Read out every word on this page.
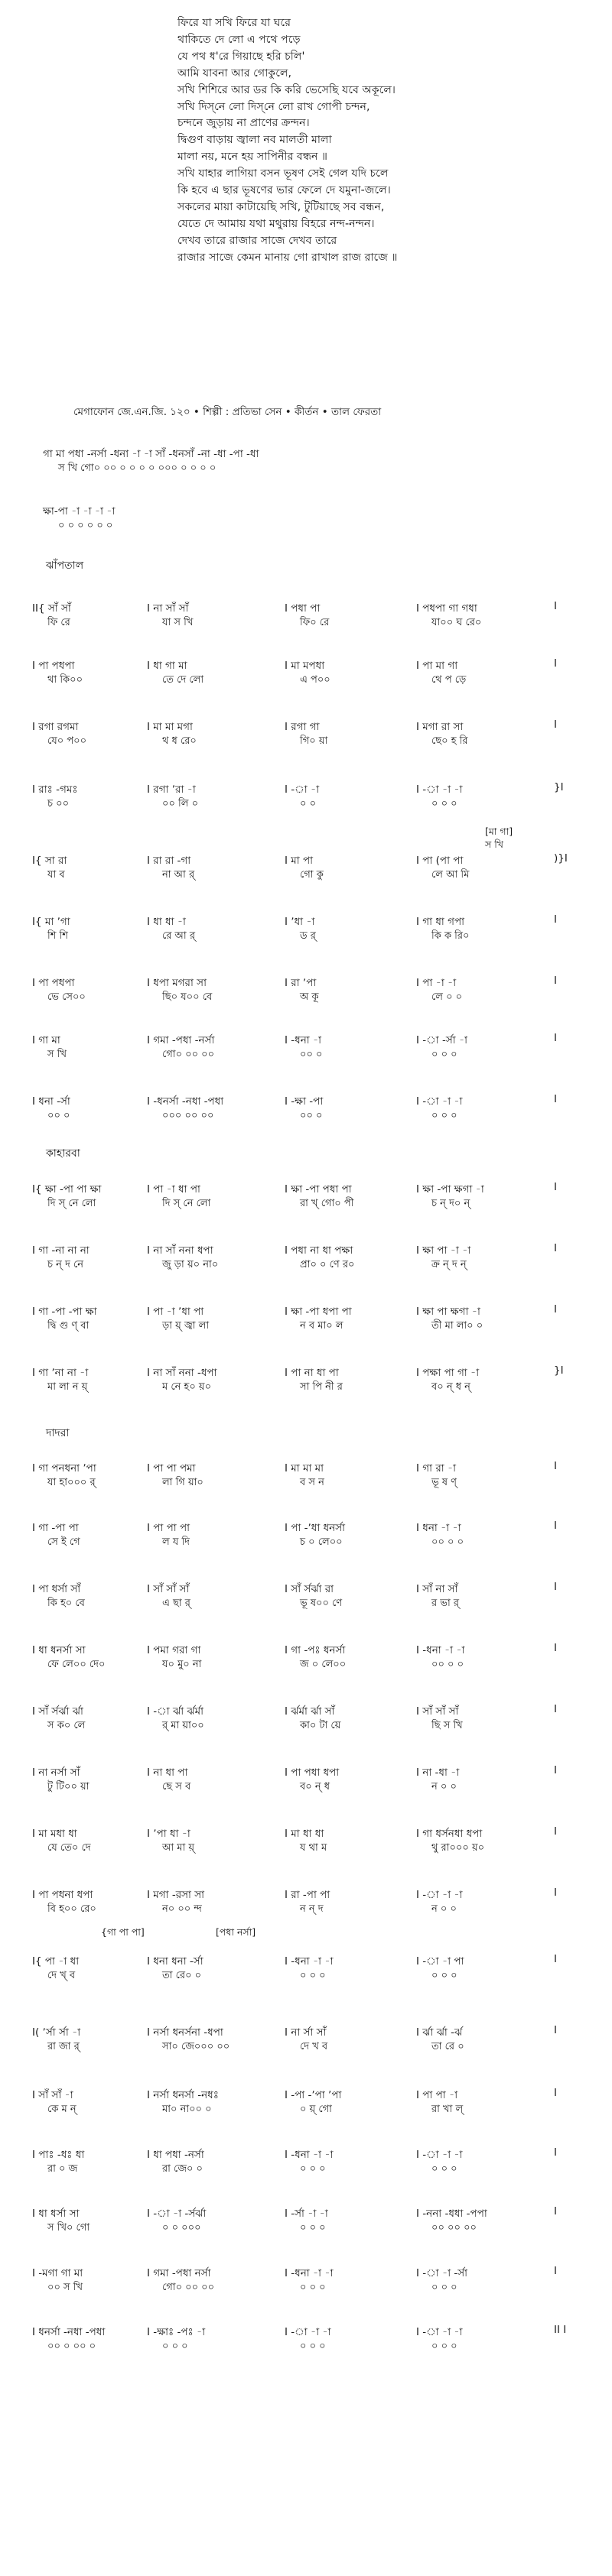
ফিরে যা সখি ফিরে যা ঘরে
থাকিতে দে লো এ পথে পড়ে
যে পথ ধ'রে গিয়াছে হরি চলি'
আমি যাবনা আর গোকুলে,
সখি শিশিরে আর ডর কি করি ভেসেছি যবে অকূলে।
সখি দিস্‌নে লো দিস্‌নে লো রাখ গোপী চন্দন,
চন্দনে জুড়ায় না প্রাণের ক্রন্দন।
দ্বিগুণ বাড়ায় জ্বালা নব মালতী মালা
মালা নয়, মনে হয় সাপিনীর বন্ধন ॥
সখি যাহার লাগিয়া বসন ভূষণ সেই গেল যদি চলে
কি হবে এ ছার ভূষণের ভার ফেলে দে যমুনা-জলে।
সকলের মায়া কাটায়েছি সখি, টুটিয়াছে সব বন্ধন,
যেতে দে আমায় যথা মথুরায় বিহরে নন্দ-নন্দন।
দেখব তারে রাজার সাজে দেখব তারে
রাজার সাজে কেমন মানায় গো রাখাল রাজ রাজে ॥
মেগাফোন জে.এন.জি. ১২০ • শিল্পী : প্রতিভা সেন • কীর্তন • তাল ফেরতা
গা মা পধা -নর্সা -ধনা -া -া সাঁ -ধনসাঁ -না -ধা -পা -ধা
স খি গো০ ০০ ০ ০ ০ ০ ০০০ ০ ০ ০ ০
ক্ষা-পা -া -া -া -া
০ ০ ০ ০ ০ ০
ঝাঁপতাল
II{ সাঁ সাঁ	I না সাঁ সাঁ	I পধা পা	I পধপা গা গধা	I
ফি রে	যা স খি	ফি০ রে	যা০০ ঘ রে০
I পা পধপা	I ধা গা মা	I মা মপধা	I পা মা গা	I
থা কি০০	তে দে লো	এ প০০	থে প ড়ে
I রগা রগমা	I মা মা মগা	I রগা গা	I মগা রা সা	I
যে০ প০০	থ ধ রে০	গি০ য়া	ছে০ হ রি
I রাঃ -গমঃ	I রগা ʼরা -া	I -া -া	I -া -া -া	}I
চ ০০	০০ লি ০	০ ০	০ ০ ০
[মা গা]
স খি
I{ সা রা	I রা রা -গা	I মা পা	I পা (পা পা	)}I
যা ব	না আ র্	গো কু	লে আ মি
I{ মা ʼগা	I ধা ধা -া	I ʼধা -া	I গা ধা গপা	I
শি শি	রে আ র্	ড র্	কি ক রি০
I পা পধপা	I ধপা মগরা সা	I রা ʼপা	I পা -া -া	I
ভে সে০০	ছি০ য০০ বে	অ কূ	লে ০ ০
I গা মা	I গমা -পধা -নর্সা	I -ধনা -া	I -া -র্সা -া	I
স খি	গো০ ০০ ০০	০০ ০	০ ০ ০
I ধনা -র্সা	I -ধনর্সা -নধা -পধা	I -ক্ষা -পা	I -া -া -া	I
০০ ০	০০০ ০০ ০০	০০ ০	০ ০ ০
কাহারবা
I{ ক্ষা -পা পা ক্ষা	I পা -া ধা পা	I ক্ষা -পা পধা পা	I ক্ষা -পা ক্ষগা -া	I
দি স্‌ নে লো	দি স্‌ নে লো	রা খ্‌ গো০ পী	চ ন্‌ দ০ ন্‌
I গা -না না না	I না সাঁ ননা ধপা	I পধা না ধা পক্ষা	I ক্ষা পা -া -া	I
চ ন্‌ দ নে	জু ড়া য়০ না০	প্রা০ ০ ণে র০	ক্র ন্‌ দ ন্‌
I গা -পা -পা ক্ষা	I পা -া ʼধা পা	I ক্ষা -পা ধপা পা	I ক্ষা পা ক্ষগা -া	I
দ্বি গু ণ্‌ বা	ড়া য়্‌ জ্বা লা	ন ব মা০ ল	তী মা লা০ ০
I গা ʼনা না -া	I না সাঁ ননা -ধপা	I পা না ধা পা	I পক্ষা পা গা -া	}I
মা লা ন য়্‌	ম নে হ০ য়০	সা পি নী র	ব০ ন্‌ ধ ন্‌
দাদরা
I গা পনধনা ʼপা	I পা পা পমা	I মা মা মা	I গা রা -া	I
যা হা০০০ র্‌	লা গি য়া০	ব স ন	ভূ ষ ণ্‌
I গা -পা পা	I পা পা পা	I পা -ʼধা ধনর্সা	I ধনা -া -া	I
সে ই গে	ল য দি	চ ০ লে০০	০০ ০ ০
I পা ধর্সা সাঁ	I সাঁ সাঁ সাঁ	I সাঁ র্সর্ঝা রা	I সাঁ না সাঁ	I
কি হ০ বে	এ ছা র্‌	ভূ ষ০০ ণে	র ভা র্‌
I ধা ধনর্সা সা	I পমা গরা গা	I গা -পঃ ধনর্সা	I -ধনা -া -া	I
ফে লে০০ দে০	য০ মু০ না	জ ০ লে০০	০০ ০ ০
I সাঁ র্সর্ঝা র্ঝা	I -া র্ঝা র্ঝর্মা	I র্ঝর্মা র্ঝা সাঁ	I সাঁ সাঁ সাঁ	I
স ক০ লে	র্‌ মা য়া০০	কা০ টা য়ে	ছি স খি
I না নর্সা সাঁ	I না ধা পা	I পা পধা ধপা	I না -ধা -া	I
টু টি০০ য়া	ছে স ব	ব০ ন্‌ ধ	ন ০ ০
I মা মধা ধা	I ʼপা ধা -া	I মা ধা ধা	I গা ধর্সনধা ধপা	I
যে তে০ দে	আ মা য়্‌	য থা ম	থু রা০০০ য়০
I পা পধনা ধপা	I মগা -রসা সা	I রা -পা পা	I -া -া -া	I
বি হ০০ রে০	ন০ ০০ ন্দ	ন ন্‌ দ	ন ০ ০
{গা পা পা]	[পধা নর্সা]
I{ পা -া ধা	I ধনা ধনা -র্সা	I -ধনা -া -া	I -া -া পা	I
দে খ্‌ ব	তা রে০ ০	০ ০ ০	০ ০ ০
I( ʼর্সা র্সা -া	I নর্সা ধনর্সনা -ধপা	I না র্সা সাঁ	I র্ঝা র্ঝা -র্ঝ	I
রা জা র্‌	সা০ জে০০০ ০০	দে খ ব	তা রে ০
I সাঁ সাঁ -া	I নর্সা ধনর্সা -নধঃ	I -পা -ʼপা ʼপা	I পা পা -া	I
কে ম ন্‌	মা০ না০০ ০	০ য়্‌ গো	রা খা ল্‌
I পাঃ -ধঃ ধা	I ধা পধা -নর্সা	I -ধনা -া -া	I -া -া -া	I
রা ০ জ	রা জে০ ০	০ ০ ০	০ ০ ০
I ধা ধর্সা সা	I -া -া -র্সর্ঝা	I -র্সা -া -া	I -ননা -ধধা -পপা	I
স খি০ গো	০ ০ ০০০	০ ০ ০	০০ ০০ ০০
I -মগা গা মা	I গমা -পধা নর্সা	I -ধনা -া -া	I -া -া -র্সা	I
০০ স খি	গো০ ০০ ০০	০ ০ ০	০ ০ ০
I ধনর্সা -নধা -পধা	I -ক্ষাঃ -পঃ -া	I -া -া -া	I -া -া -া	II I
০০ ০ ০০ ০	০ ০ ০	০ ০ ০	০ ০ ০
